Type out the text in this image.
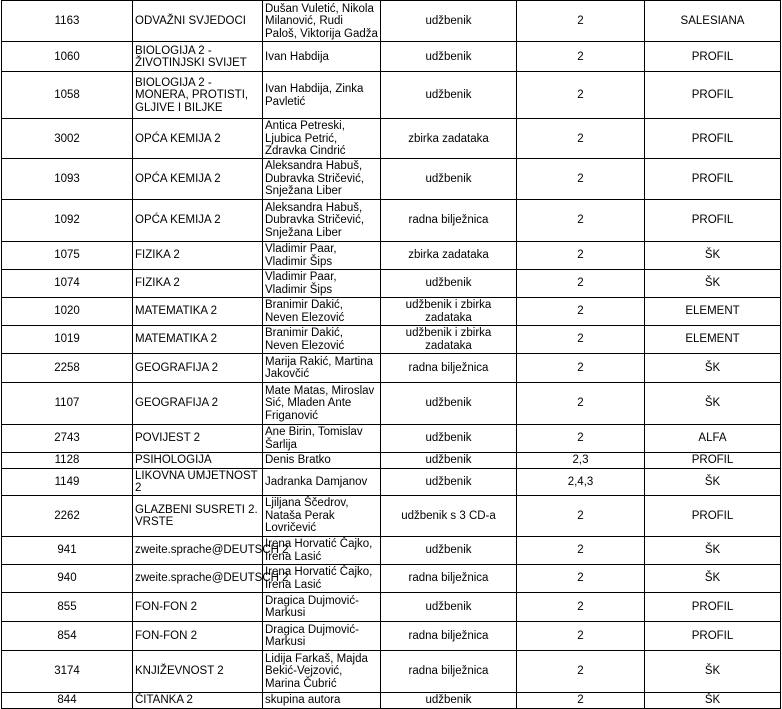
1163	ODVAŽNI SVJEDOCI	Dušan Vuletić, Nikola Milanović, Rudi Paloš, Viktorija Gadža	udžbenik	2	SALESIANA
1060	BIOLOGIJA 2 - ŽIVOTINJSKI SVIJET	Ivan Habdija	udžbenik	2	PROFIL
1058	BIOLOGIJA 2 - MONERA, PROTISTI, GLJIVE I BILJKE	Ivan Habdija, Zinka Pavletić	udžbenik	2	PROFIL
3002	OPĆA KEMIJA 2	Antica Petreski, Ljubica Petrić, Zdravka Cindrić	zbirka zadataka	2	PROFIL
1093	OPĆA KEMIJA 2	Aleksandra Habuš, Dubravka Stričević, Snježana Liber	udžbenik	2	PROFIL
1092	OPĆA KEMIJA 2	Aleksandra Habuš, Dubravka Stričević, Snježana Liber	radna bilježnica	2	PROFIL
1075	FIZIKA 2	Vladimir Paar, Vladimir Šips	zbirka zadataka	2	ŠK
1074	FIZIKA 2	Vladimir Paar, Vladimir Šips	udžbenik	2	ŠK
1020	MATEMATIKA 2	Branimir Dakić, Neven Elezović	udžbenik i zbirka zadataka	2	ELEMENT
1019	MATEMATIKA 2	Branimir Dakić, Neven Elezović	udžbenik i zbirka zadataka	2	ELEMENT
2258	GEOGRAFIJA 2	Marija Rakić, Martina Jakovčić	radna bilježnica	2	ŠK
1107	GEOGRAFIJA 2	Mate Matas, Miroslav Sić, Mladen Ante Friganović	udžbenik	2	ŠK
2743	POVIJEST 2	Ane Birin, Tomislav Šarlija	udžbenik	2	ALFA
1128	PSIHOLOGIJA	Denis Bratko	udžbenik	2,3	PROFIL
1149	LIKOVNA UMJETNOST 2	Jadranka Damjanov	udžbenik	2,4,3	ŠK
2262	GLAZBENI SUSRETI 2. VRSTE	Ljiljana Ščedrov, Nataša Perak Lovričević	udžbenik s 3 CD-a	2	PROFIL
941	zweite.sprache@DEUTSCH 2	Irena Horvatić Čajko, Irena Lasić	udžbenik	2	ŠK
940	zweite.sprache@DEUTSCH 2	Irena Horvatić Čajko, Irena Lasić	radna bilježnica	2	ŠK
855	FON-FON 2	Dragica Dujmović-Markusi	udžbenik	2	PROFIL
854	FON-FON 2	Dragica Dujmović-Markusi	radna bilježnica	2	PROFIL
3174	KNJIŽEVNOST 2	Lidija Farkaš, Majda Bekić-Vejzović, Marina Čubrić	radna bilježnica	2	ŠK
844	ČITANKA 2	skupina autora	udžbenik	2	ŠK
